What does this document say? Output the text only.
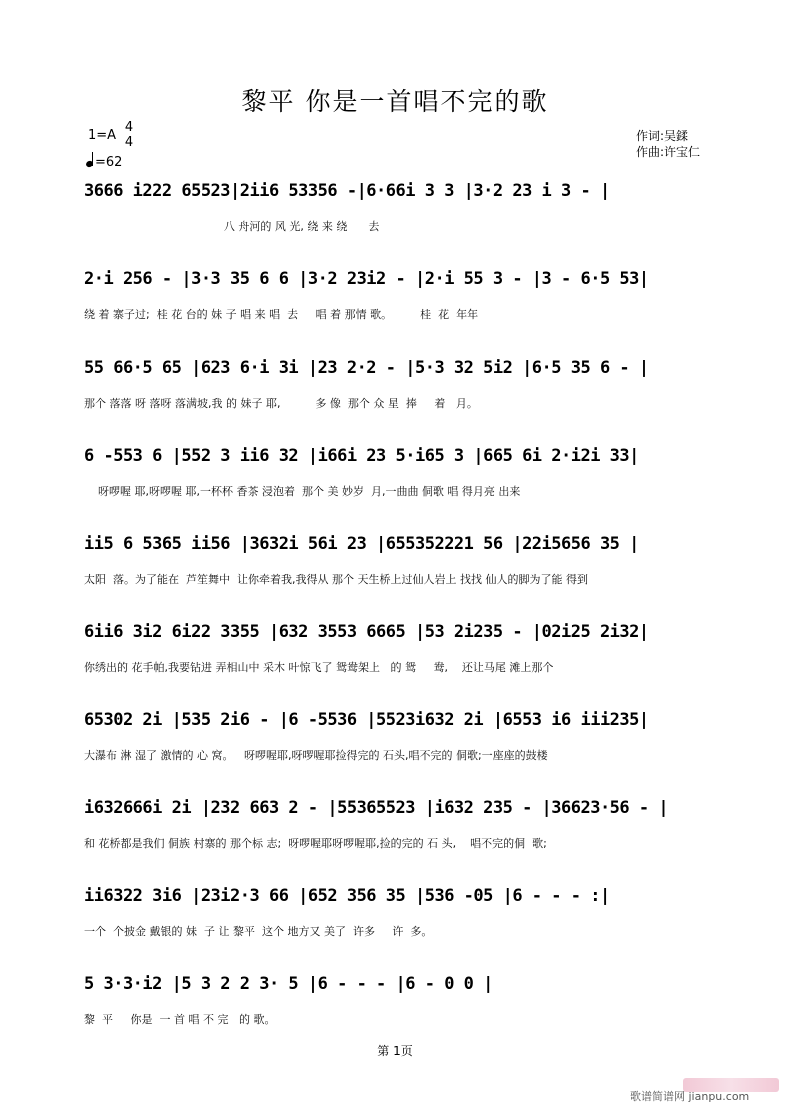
黎平 你是一首唱不完的歌
1=A
4
4
=62
作词:吴鍒
作曲:许宝仁
3666 i222 65523|2ii6 53356 -|6·66i 3 3 |3·2 23 i 3 - |
八 舟河的 风 光, 绕 来 绕      去
2·i 256 - |3·3 35 6 6 |3·2 23i2 - |2·i 55 3 - |3 - 6·5 53|
绕 着 寨子过;  桂 花 台的 妹 子 唱 来 唱  去     唱 着 那情 歌。        桂  花  年年
55 66·5 65 |623 6·i 3i |23 2·2 - |5·3 32 5i2 |6·5 35 6 - |
那个 落落 呀 落呀 落满坡,我 的 妹子 耶,          多 像  那个 众 星  捧     着   月。
6 -553 6 |552 3 ii6 32 |i66i 23 5·i65 3 |665 6i 2·i2i 33|
呀啰喔 耶,呀啰喔 耶,一杯杯 香茶 浸泡着  那个 美 妙岁  月,一曲曲 侗歌 唱 得月亮 出来
ii5 6 5365 ii56 |3632i 56i 23 |655352221 56 |22i5656 35 |
太阳  落。为了能在  芦笙舞中  让你牵着我,我得从 那个 天生桥上过仙人岩上 找找 仙人的脚为了能 得到
6ii6 3i2 6i22 3355 |632 3553 6665 |53 2i235 - |02i25 2i32|
你绣出的 花手帕,我要钻进 弄相山中 采木 叶惊飞了 鸳鸯架上   的 鸳     鸯,    还让马尾 滩上那个
65302 2i |535 2i6 - |6 -5536 |5523i632 2i |6553 i6 iii235|
大瀑布 淋 湿了 激情的 心 窝。   呀啰喔耶,呀啰喔耶捡得完的 石头,唱不完的 侗歌;一座座的鼓楼
i632666i 2i |232 663 2 - |55365523 |i632 235 - |36623·56 - |
和 花桥都是我们 侗族 村寨的 那个标 志;  呀啰喔耶呀啰喔耶,捡的完的 石 头,    唱不完的侗  歌;
ii6322 3i6 |23i2·3 66 |652 356 35 |536 -05 |6 - - - :|
一个  个披金 戴银的 妹  子 让 黎平  这个 地方又 美了  许多     许  多。
5 3·3·i2 |5 3 2 2 3· 5 |6 - - - |6 - 0 0 |
黎  平     你是  一 首 唱 不 完   的 歌。
第 1页
歌谱简谱网 jianpu.com
